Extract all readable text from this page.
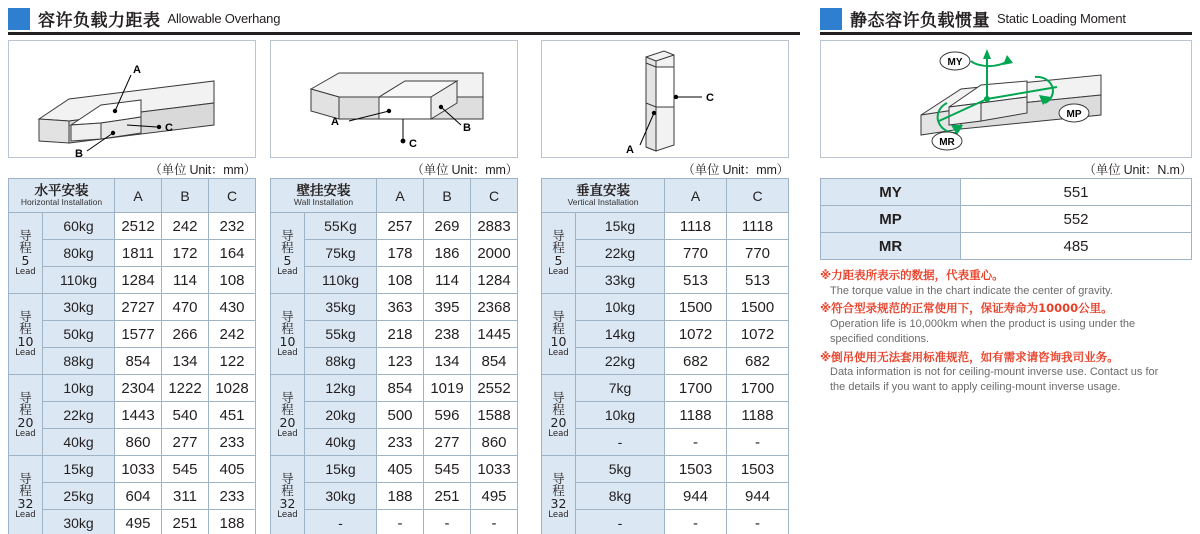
容许负载力距表 Allowable Overhang	静态容许负载惯量 Static Loading Moment
A
B
C
（单位 Unit：mm）
A	B
C
（单位 Unit：mm）
A
C
（单位 Unit：mm）
MY
MP
MR
（单位 Unit：N.m）
水平安装
Horizontal Installation		A	B	C

导
程
5
Lead	60kg	2512	242	232
	80kg	1811	172	164
	110kg	1284	114	108

导
程
10
Lead	30kg	2727	470	430
	50kg	1577	266	242
	88kg	854	134	122

导
程
20
Lead	10kg	2304	1222	1028
	22kg	1443	540	451
	40kg	860	277	233

导
程
32
Lead	15kg	1033	545	405
	25kg	604	311	233
	30kg	495	251	188
壁挂安装
Wall Installation		A	B	C

导
程
5
Lead	55Kg	257	269	2883
	75kg	178	186	2000
	110kg	108	114	1284

导
程
10
Lead	35kg	363	395	2368
	55kg	218	238	1445
	88kg	123	134	854

导
程
20
Lead	12kg	854	1019	2552
	20kg	500	596	1588
	40kg	233	277	860

导
程
32
Lead	15kg	405	545	1033
	30kg	188	251	495
	-	-	-	-
垂直安装
Vertical Installation		A	C

导
程
5
Lead	15kg	1118	1118
	22kg	770	770
	33kg	513	513

导
程
10
Lead	10kg	1500	1500
	14kg	1072	1072
	22kg	682	682

导
程
20
Lead	7kg	1700	1700
	10kg	1188	1188
	-	-	-

导
程
32
Lead	5kg	1503	1503
	8kg	944	944
	-	-	-
MY	551
MP	552
MR	485
※力距表所表示的数据，代表重心。
The torque value in the chart indicate the center of gravity.
※符合型录规范的正常使用下，保证寿命为10000公里。
Operation life is 10,000km when the product is using under the specified conditions.
※倒吊使用无法套用标准规范，如有需求请咨询我司业务。
Data information is not for ceiling-mount inverse use. Contact us for the details if you want to apply ceiling-mount inverse usage.
